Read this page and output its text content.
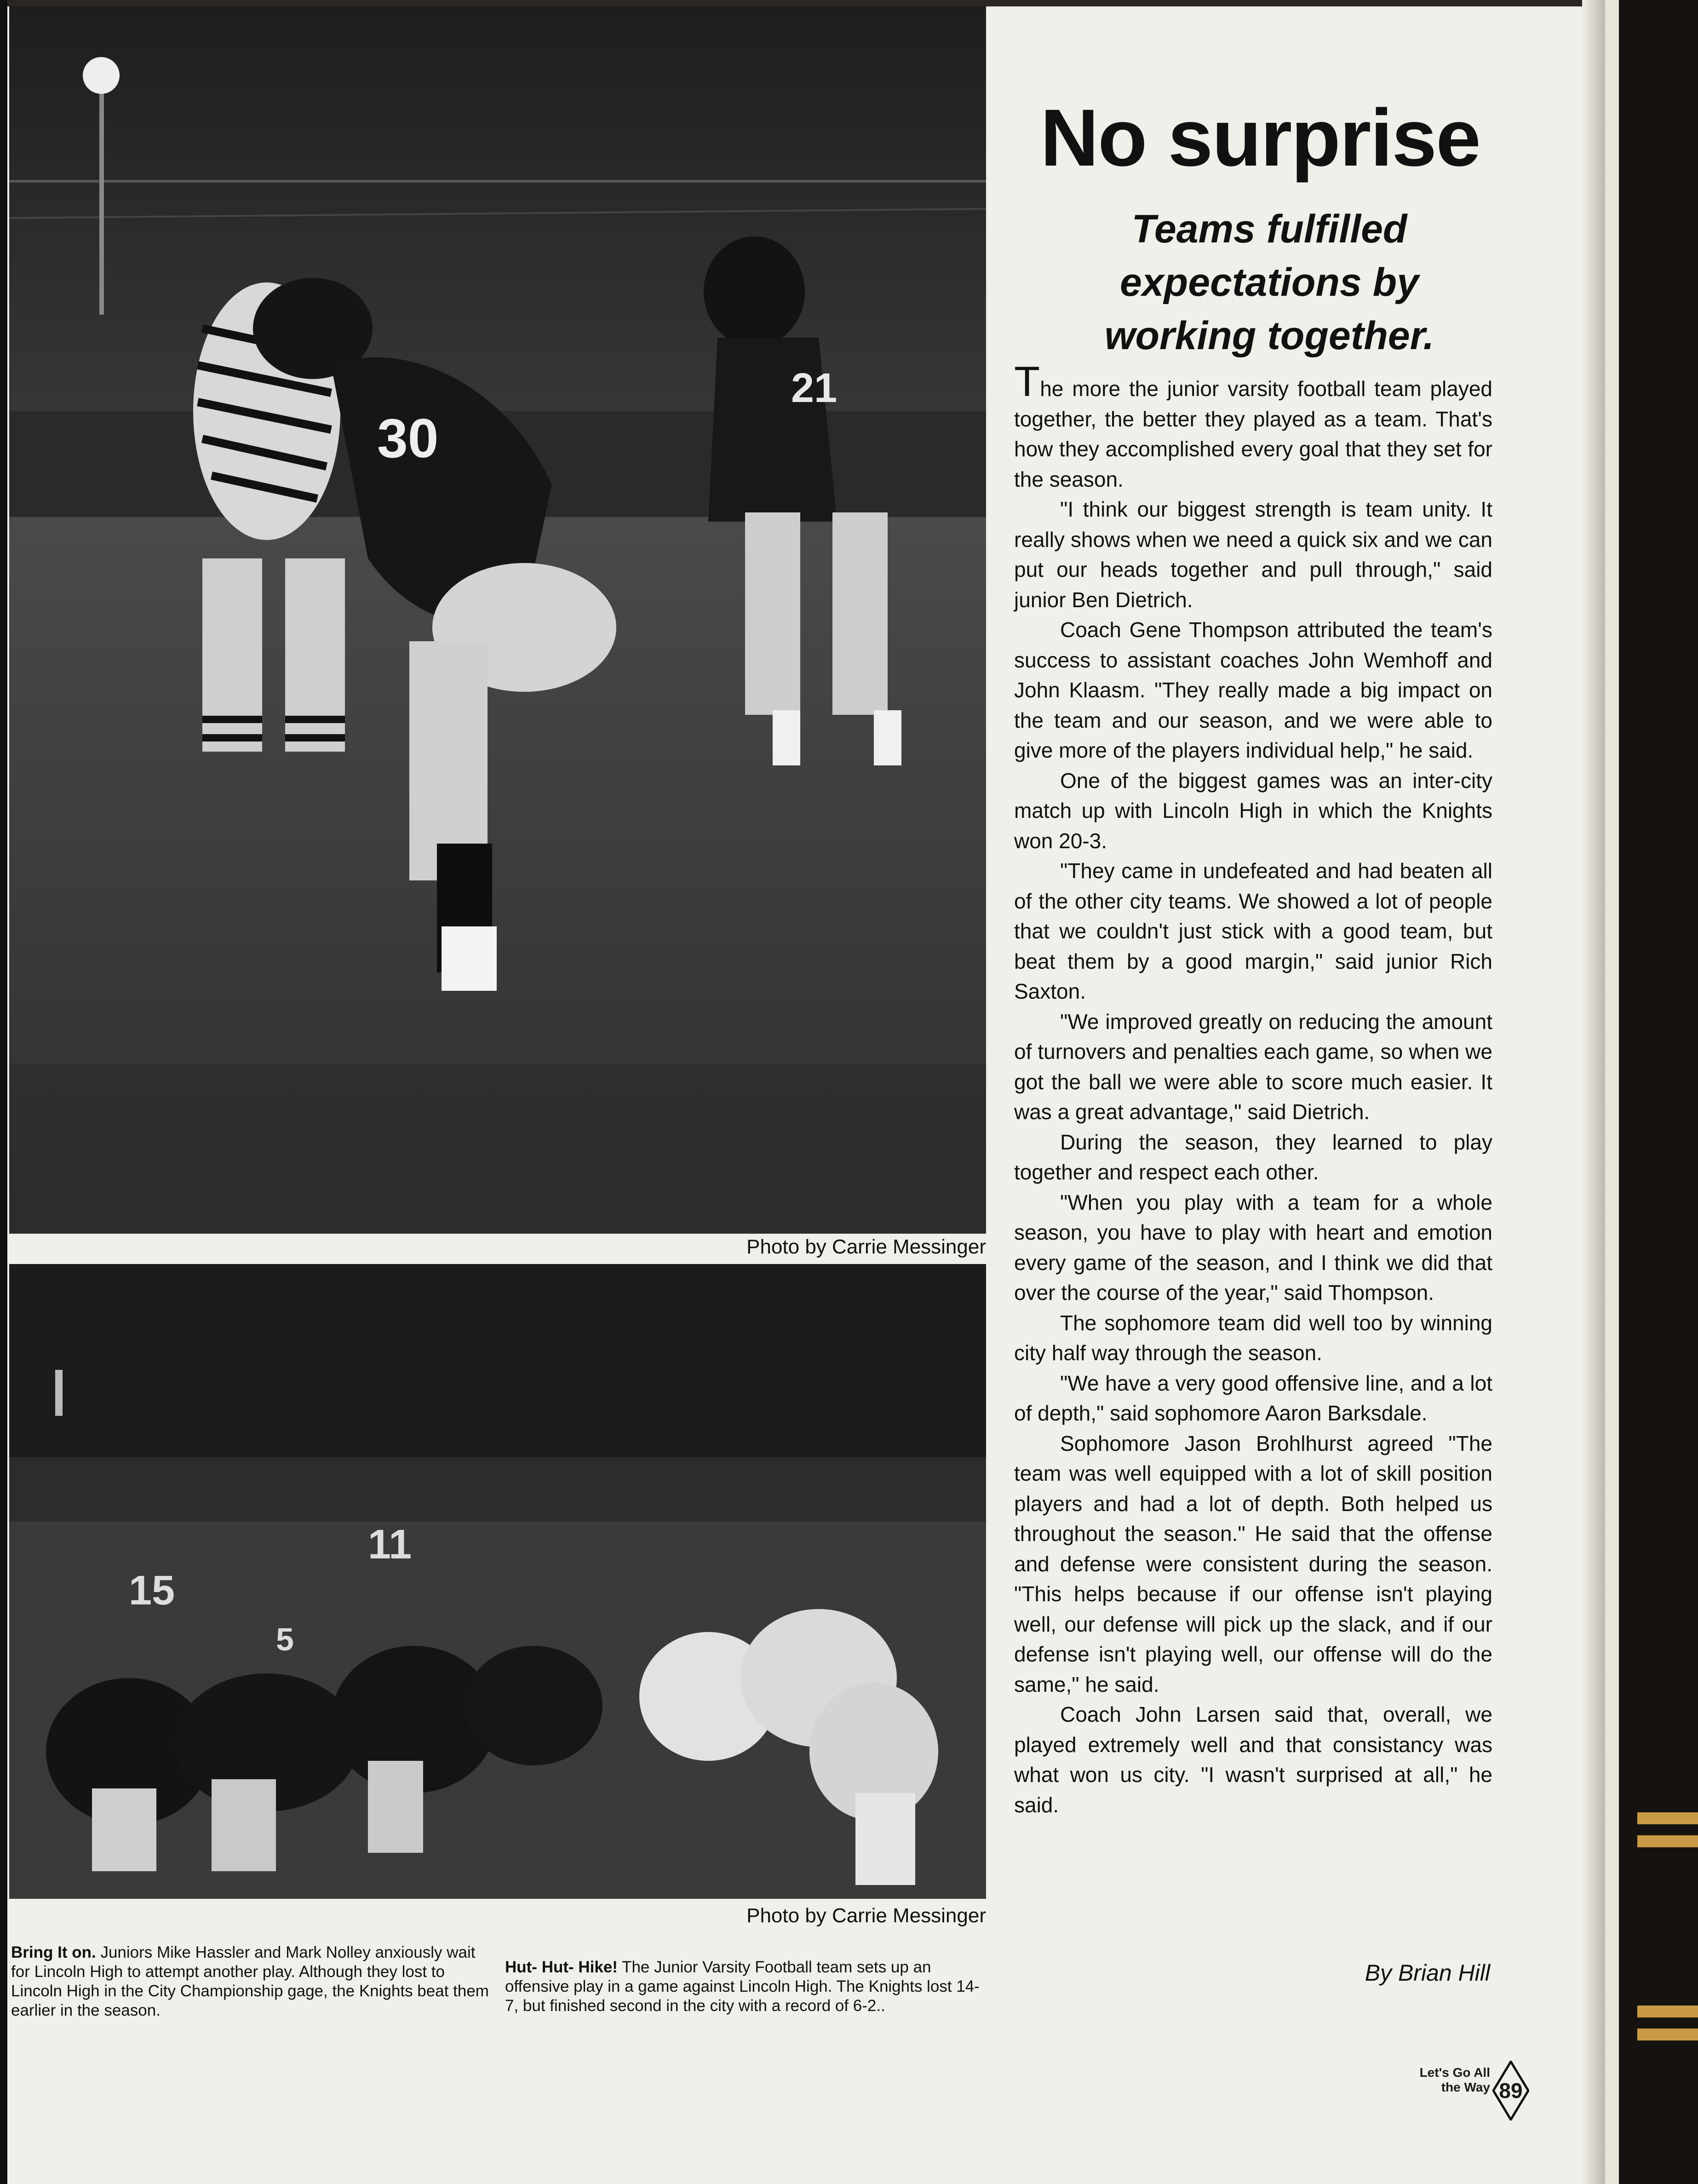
30
21
Photo by Carrie Messinger
15
11
5
Photo by Carrie Messinger
Bring It on. Juniors Mike Hassler and Mark Nolley anxiously wait for Lincoln High to attempt another play. Although they lost to Lincoln High in the City Championship gage, the Knights beat them earlier in the season.
Hut- Hut- Hike! The Junior Varsity Football team sets up an offensive play in a game against Lincoln High. The Knights lost 14-7, but finished second in the city with a record of 6-2..
No surprise
Teams fulfilled expectations by working together.

The more the junior varsity football team played together, the better they played as a team. That's how they accomplished every goal that they set for the season.

"I think our biggest strength is team unity. It really shows when we need a quick six and we can put our heads together and pull through," said junior Ben Dietrich.

Coach Gene Thompson attributed the team's success to assistant coaches John Wemhoff and John Klaasm. "They really made a big impact on the team and our season, and we were able to give more of the players individual help," he said.

One of the biggest games was an inter-city match up with Lincoln High in which the Knights won 20-3.

"They came in undefeated and had beaten all of the other city teams. We showed a lot of people that we couldn't just stick with a good team, but beat them by a good margin," said junior Rich Saxton.

"We improved greatly on reducing the amount of turnovers and penalties each game, so when we got the ball we were able to score much easier. It was a great advantage," said Dietrich.

During the season, they learned to play together and respect each other.

"When you play with a team for a whole season, you have to play with heart and emotion every game of the season, and I think we did that over the course of the year," said Thompson.

The sophomore team did well too by winning city half way through the season.

"We have a very good offensive line, and a lot of depth," said sophomore Aaron Barksdale.

Sophomore Jason Brohlhurst agreed "The team was well equipped with a lot of skill position players and had a lot of depth. Both helped us throughout the season." He said that the offense and defense were consistent during the season. "This helps because if our offense isn't playing well, our defense will pick up the slack, and if our defense isn't playing well, our offense will do the same," he said.

Coach John Larsen said that, overall, we played extremely well and that consistancy was what won us city. "I wasn't surprised at all," he said.

By Brian Hill
Let's Go All
the Way 89
